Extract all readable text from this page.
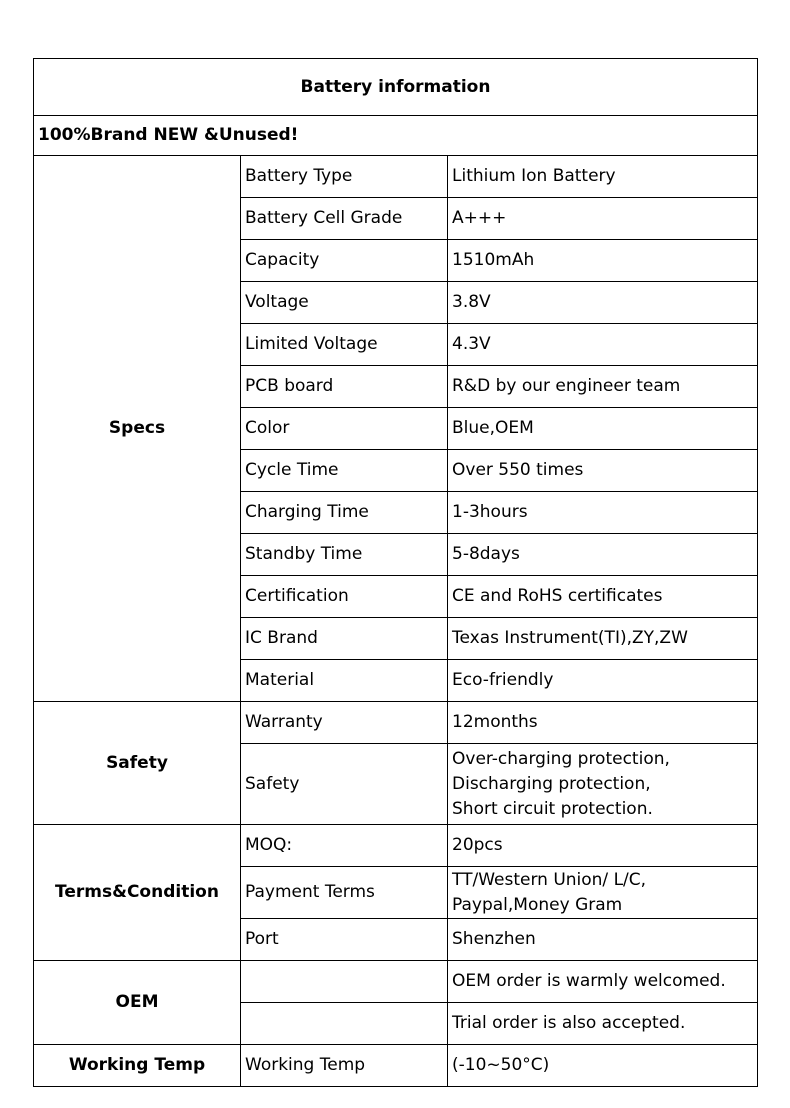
Battery information		
100%Brand NEW &Unused!		
Specs	Battery Type	Lithium Ion Battery
	Battery Cell Grade	A+++
	Capacity	1510mAh
	Voltage	3.8V
	Limited Voltage	4.3V
	PCB board	R&D by our engineer team
	Color	Blue,OEM
	Cycle Time	Over 550 times
	Charging Time	1-3hours
	Standby Time	5-8days
	Certification	CE and RoHS certificates
	IC Brand	Texas Instrument(TI),ZY,ZW
	Material	Eco-friendly
Safety	Warranty	12months
	Safety	Over-charging protection,
Discharging protection,
Short circuit protection.

Terms&Condition	MOQ:	20pcs
	Payment Terms	TT/Western Union/ L/C,
Paypal,Money Gram

	Port	Shenzhen
OEM		OEM order is warmly welcomed.
		Trial order is also accepted.
Working Temp	Working Temp	(-10~50°C)
